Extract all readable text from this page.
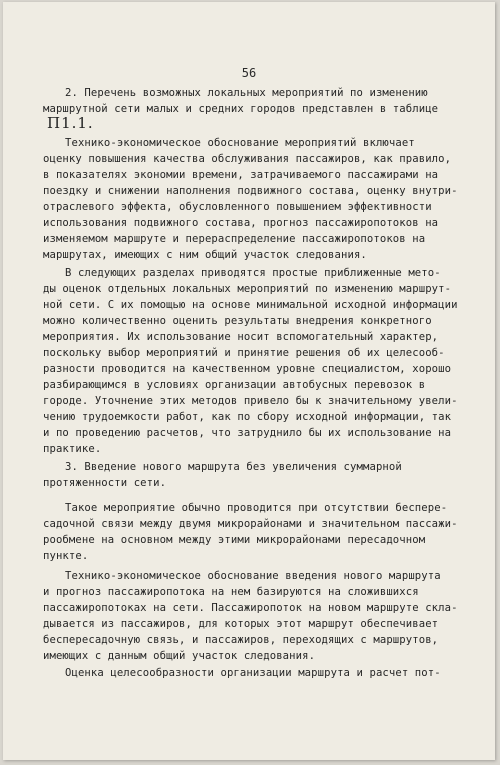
56
П1.1.
2. Перечень возможных локальных мероприятий по изменению
маршрутной сети малых и средних городов представлен в таблице
Технико-экономическое обоснование мероприятий включает
оценку повышения качества обслуживания пассажиров, как правило,
в показателях экономии времени, затрачиваемого пассажирами на
поездку и снижении наполнения подвижного состава, оценку внутри-
отраслевого эффекта, обусловленного повышением эффективности
использования подвижного состава, прогноз пассажиропотоков на
изменяемом маршруте и перераспределение пассажиропотоков на
маршрутах, имеющих с ним общий участок следования.
В следующих разделах приводятся простые приближенные мето-
ды оценок отдельных локальных мероприятий по изменению маршрут-
ной сети. С их помощью на основе минимальной исходной информации
можно количественно оценить результаты внедрения конкретного
мероприятия. Их использование носит вспомогательный характер,
поскольку выбор мероприятий и принятие решения об их целесооб-
разности проводится на качественном уровне специалистом, хорошо
разбирающимся в условиях организации автобусных перевозок в
городе. Уточнение этих методов привело бы к значительному увели-
чению трудоемкости работ, как по сбору исходной информации, так
и по проведению расчетов, что затруднило бы их использование на
практике.
3. Введение нового маршрута без увеличения суммарной
протяженности сети.
Такое мероприятие обычно проводится при отсутствии беспере-
садочной связи между двумя микрорайонами и значительном пассажи-
рообмене на основном между этими микрорайонами пересадочном
пункте.
Технико-экономическое обоснование введения нового маршрута
и прогноз пассажиропотока на нем базируются на сложившихся
пассажиропотоках на сети. Пассажиропоток на новом маршруте скла-
дывается из пассажиров, для которых этот маршрут обеспечивает
беспересадочную связь, и пассажиров, переходящих с маршрутов,
имеющих с данным общий участок следования.
Оценка целесообразности организации маршрута и расчет пот-
